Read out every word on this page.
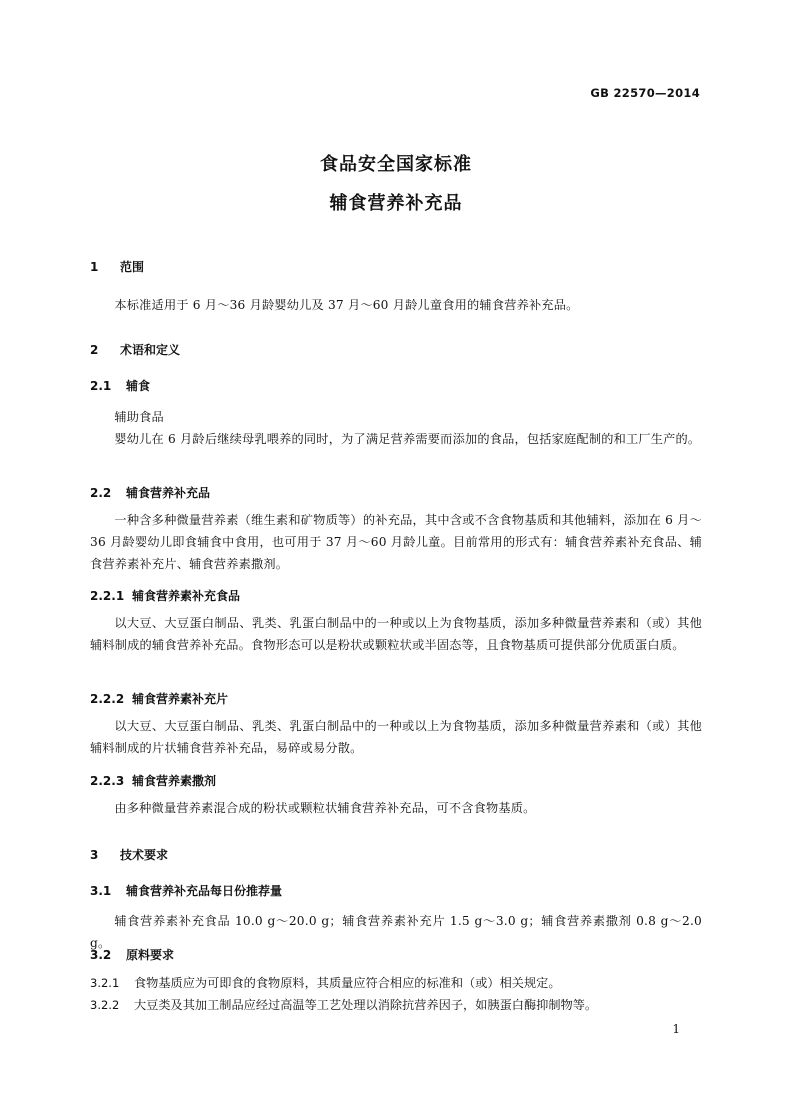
GB 22570—2014
食品安全国家标准
辅食营养补充品
1 范围

本标准适用于 6 月～36 月龄婴幼儿及 37 月～60 月龄儿童食用的辅食营养补充品。

2 术语和定义
2.1 辅食

辅助食品

婴幼儿在 6 月龄后继续母乳喂养的同时，为了满足营养需要而添加的食品，包括家庭配制的和工厂生产的。

2.2 辅食营养补充品

一种含多种微量营养素（维生素和矿物质等）的补充品，其中含或不含食物基质和其他辅料，添加在 6 月～36 月龄婴幼儿即食辅食中食用，也可用于 37 月～60 月龄儿童。目前常用的形式有：辅食营养素补充食品、辅食营养素补充片、辅食营养素撒剂。

2.2.1 辅食营养素补充食品

以大豆、大豆蛋白制品、乳类、乳蛋白制品中的一种或以上为食物基质，添加多种微量营养素和（或）其他辅料制成的辅食营养补充品。食物形态可以是粉状或颗粒状或半固态等，且食物基质可提供部分优质蛋白质。

2.2.2 辅食营养素补充片

以大豆、大豆蛋白制品、乳类、乳蛋白制品中的一种或以上为食物基质，添加多种微量营养素和（或）其他辅料制成的片状辅食营养补充品，易碎或易分散。

2.2.3 辅食营养素撒剂

由多种微量营养素混合成的粉状或颗粒状辅食营养补充品，可不含食物基质。

3 技术要求
3.1 辅食营养补充品每日份推荐量

辅食营养素补充食品 10.0 g～20.0 g；辅食营养素补充片 1.5 g～3.0 g；辅食营养素撒剂 0.8 g～2.0 g。

3.2 原料要求
3.2.1 食物基质应为可即食的食物原料，其质量应符合相应的标准和（或）相关规定。
3.2.2 大豆类及其加工制品应经过高温等工艺处理以消除抗营养因子，如胰蛋白酶抑制物等。
1
